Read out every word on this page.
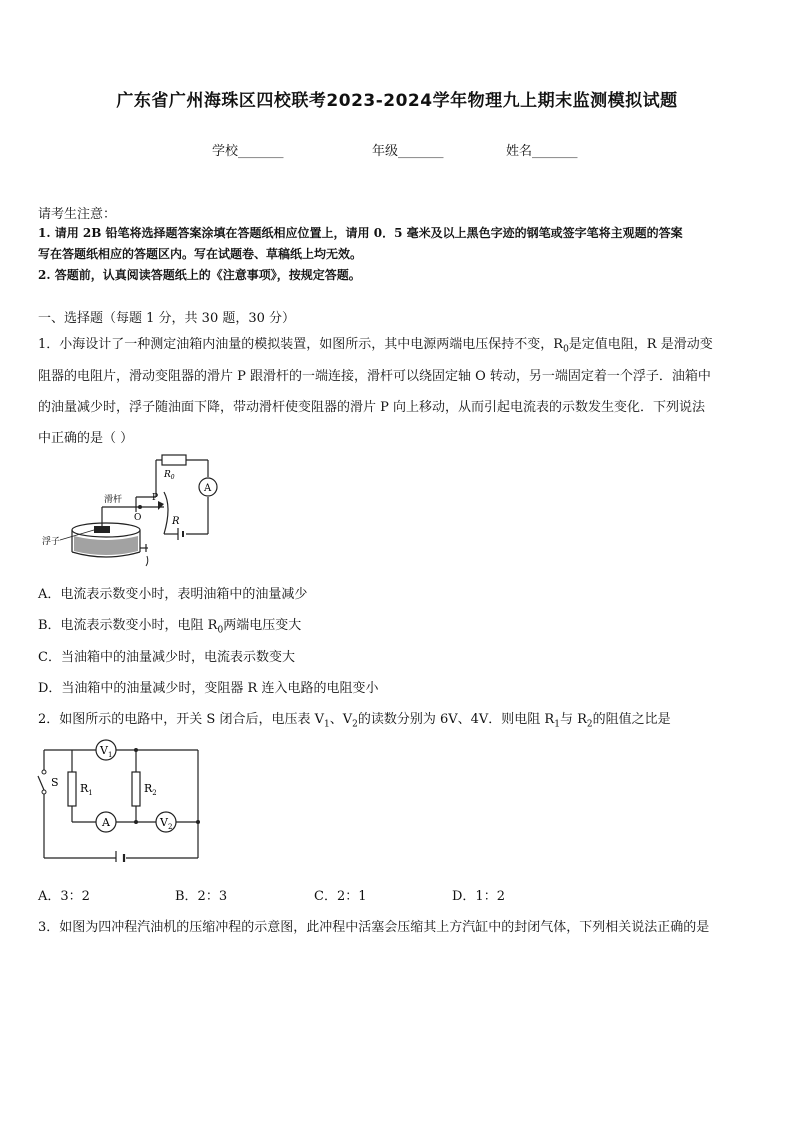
广东省广州海珠区四校联考2023-2024学年物理九上期末监测模拟试题
学校_______	年级_______	姓名_______
请考生注意：
1. 请用 2B 铅笔将选择题答案涂填在答题纸相应位置上，请用 0．5 毫米及以上黑色字迹的钢笔或签字笔将主观题的答案
写在答题纸相应的答题区内。写在试题卷、草稿纸上均无效。
2. 答题前，认真阅读答题纸上的《注意事项》，按规定答题。
一、选择题（每题 1 分，共 30 题，30 分）
1．小海设计了一种测定油箱内油量的模拟装置，如图所示，其中电源两端电压保持不变，$R_0$是定值电阻，R 是滑动变
阻器的电阻片，滑动变阻器的滑片 P 跟滑杆的一端连接，滑杆可以绕固定轴 O 转动，另一端固定着一个浮子．油箱中
的油量减少时，浮子随油面下降，带动滑杆使变阻器的滑片 P 向上移动，从而引起电流表的示数发生变化．下列说法
中正确的是（ ）
$R_0$
A
滑杆	P
O	R
浮子
A．电流表示数变小时，表明油箱中的油量减少
B．电流表示数变小时，电阻 $R_0$两端电压变大
C．当油箱中的油量减少时，电流表示数变大
D．当油箱中的油量减少时，变阻器 R 连入电路的电阻变小
2．如图所示的电路中，开关 S 闭合后，电压表 $V_1$、$V_2$的读数分别为 6V、4V．则电阻 $R_1$与 $R_2$的阻值之比是
$V_1$
S $R_1$	$R_2$
A	$V_2$
A．3：2	B．2：3	C．2：1	D．1：2
3．如图为四冲程汽油机的压缩冲程的示意图，此冲程中活塞会压缩其上方汽缸中的封闭气体，下列相关说法正确的是
